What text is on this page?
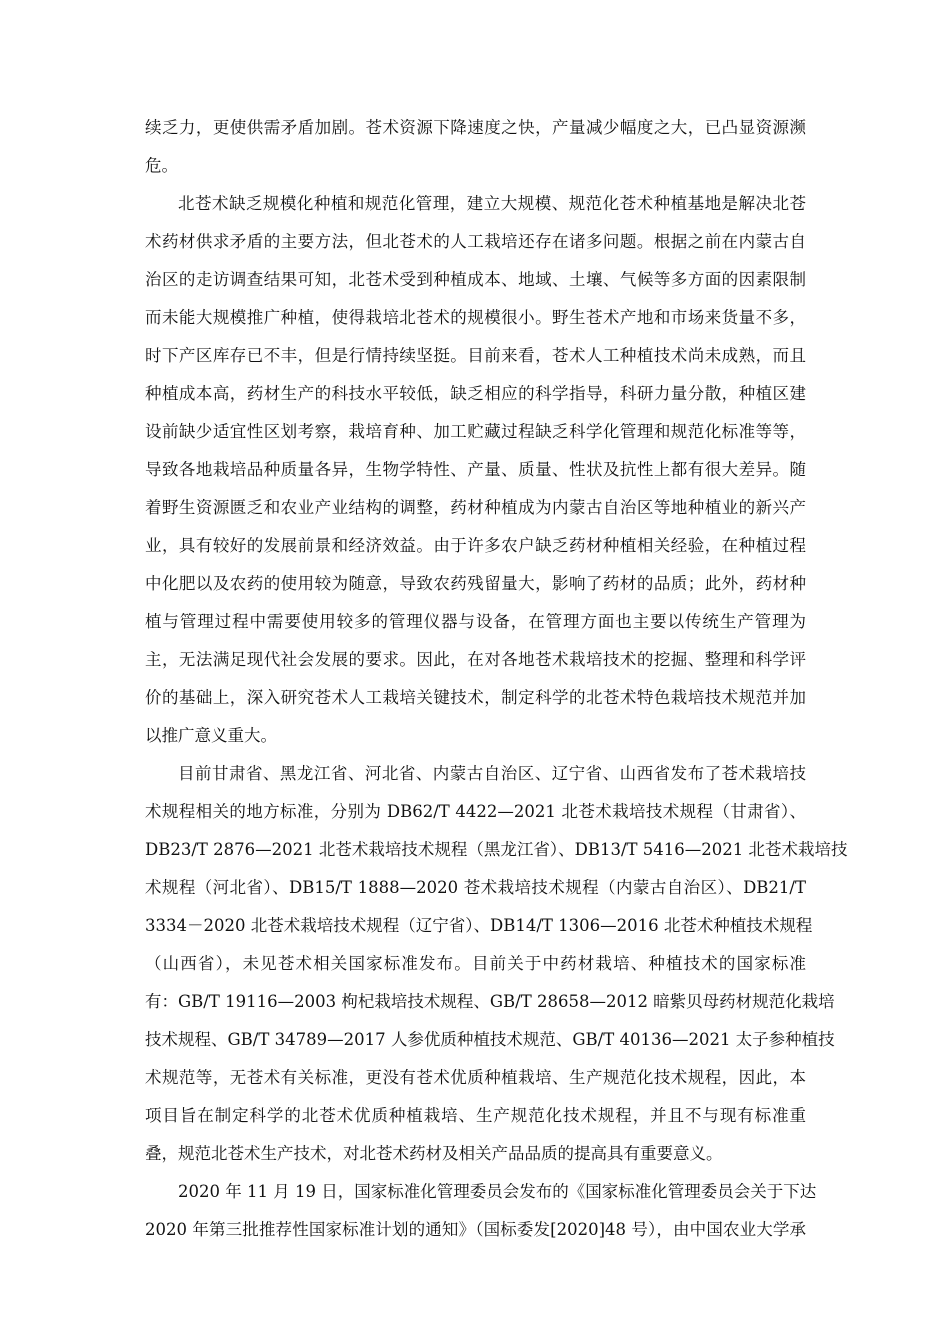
续乏力，更使供需矛盾加剧。苍术资源下降速度之快，产量减少幅度之大，已凸显资源濒
危。
北苍术缺乏规模化种植和规范化管理，建立大规模、规范化苍术种植基地是解决北苍
术药材供求矛盾的主要方法，但北苍术的人工栽培还存在诸多问题。根据之前在内蒙古自
治区的走访调查结果可知，北苍术受到种植成本、地域、土壤、气候等多方面的因素限制
而未能大规模推广种植，使得栽培北苍术的规模很小。野生苍术产地和市场来货量不多，
时下产区库存已不丰，但是行情持续坚挺。目前来看，苍术人工种植技术尚未成熟，而且
种植成本高，药材生产的科技水平较低，缺乏相应的科学指导，科研力量分散，种植区建
设前缺少适宜性区划考察，栽培育种、加工贮藏过程缺乏科学化管理和规范化标准等等，
导致各地栽培品种质量各异，生物学特性、产量、质量、性状及抗性上都有很大差异。随
着野生资源匮乏和农业产业结构的调整，药材种植成为内蒙古自治区等地种植业的新兴产
业，具有较好的发展前景和经济效益。由于许多农户缺乏药材种植相关经验，在种植过程
中化肥以及农药的使用较为随意，导致农药残留量大，影响了药材的品质；此外，药材种
植与管理过程中需要使用较多的管理仪器与设备，在管理方面也主要以传统生产管理为
主，无法满足现代社会发展的要求。因此，在对各地苍术栽培技术的挖掘、整理和科学评
价的基础上，深入研究苍术人工栽培关键技术，制定科学的北苍术特色栽培技术规范并加
以推广意义重大。
目前甘肃省、黑龙江省、河北省、内蒙古自治区、辽宁省、山西省发布了苍术栽培技
术规程相关的地方标准，分别为 DB62/T 4422—2021 北苍术栽培技术规程（甘肃省）、
DB23/T 2876—2021 北苍术栽培技术规程（黑龙江省）、DB13/T 5416—2021 北苍术栽培技
术规程（河北省）、DB15/T 1888—2020 苍术栽培技术规程（内蒙古自治区）、DB21/T
3334－2020 北苍术栽培技术规程（辽宁省）、DB14/T 1306—2016 北苍术种植技术规程
（山西省），未见苍术相关国家标准发布。目前关于中药材栽培、种植技术的国家标准
有：GB/T 19116—2003 枸杞栽培技术规程、GB/T 28658—2012 暗紫贝母药材规范化栽培
技术规程、GB/T 34789—2017 人参优质种植技术规范、GB/T 40136—2021 太子参种植技
术规范等，无苍术有关标准，更没有苍术优质种植栽培、生产规范化技术规程，因此，本
项目旨在制定科学的北苍术优质种植栽培、生产规范化技术规程，并且不与现有标准重
叠，规范北苍术生产技术，对北苍术药材及相关产品品质的提高具有重要意义。
2020 年 11 月 19 日，国家标准化管理委员会发布的《国家标准化管理委员会关于下达
2020 年第三批推荐性国家标准计划的通知》（国标委发[2020]48 号），由中国农业大学承
